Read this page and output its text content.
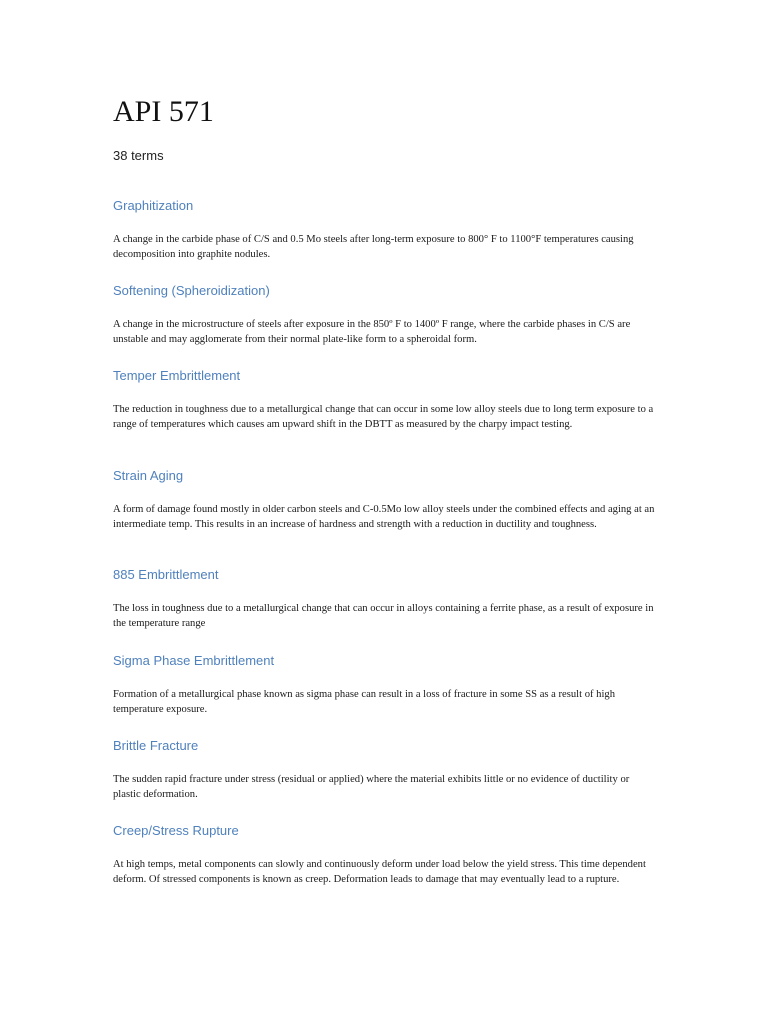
API 571

38 terms

Graphitization

A change in the carbide phase of C/S and 0.5 Mo steels after long-term exposure to 800° F to 1100°F temperatures causing decomposition into graphite nodules.

Softening (Spheroidization)

A change in the microstructure of steels after exposure in the 850º F to 1400º F range, where the carbide phases in C/S are unstable and may agglomerate from their normal plate-like form to a spheroidal form.

Temper Embrittlement

The reduction in toughness due to a metallurgical change that can occur in some low alloy steels due to long term exposure to a range of temperatures which causes am upward shift in the DBTT as measured by the charpy impact testing.

Strain Aging

A form of damage found mostly in older carbon steels and C-0.5Mo low alloy steels under the combined effects and aging at an intermediate temp. This results in an increase of hardness and strength with a reduction in ductility and toughness.

885 Embrittlement

The loss in toughness due to a metallurgical change that can occur in alloys containing a ferrite phase, as a result of exposure in the temperature range

Sigma Phase Embrittlement

Formation of a metallurgical phase known as sigma phase can result in a loss of fracture in some SS as a result of high temperature exposure.

Brittle Fracture

The sudden rapid fracture under stress (residual or applied) where the material exhibits little or no evidence of ductility or plastic deformation.

Creep/Stress Rupture

At high temps, metal components can slowly and continuously deform under load below the yield stress. This time dependent deform. Of stressed components is known as creep. Deformation leads to damage that may eventually lead to a rupture.
